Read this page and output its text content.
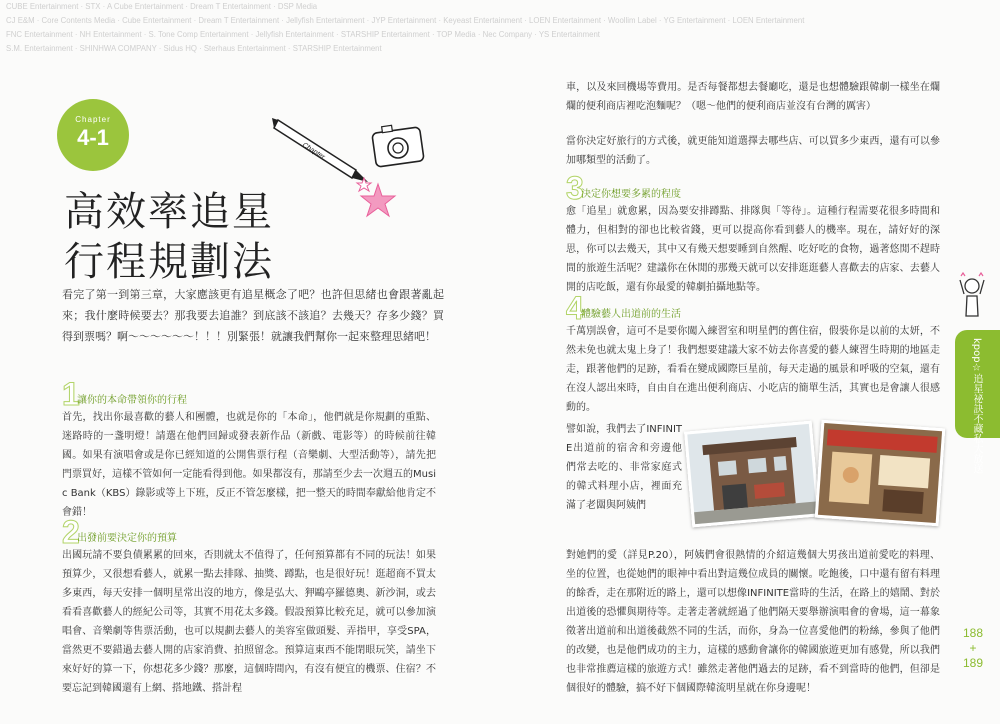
CUBE Entertainment · STX · A Cube Entertainment · Dream T Entertainment · DSP Media
CJ E&M · Core Contents Media · Cube Entertainment · Dream T Entertainment · Jellyfish Entertainment · JYP Entertainment · Keyeast Entertainment · LOEN Entertainment · Woollim Label · YG Entertainment · LOEN Entertainment
FNC Entertainment · NH Entertainment · S. Tone Comp Entertainment · Jellyfish Entertainment · STARSHIP Entertainment · TOP Media · Nec Company · YS Entertainment
S.M. Entertainment · SHINHWA COMPANY · Sidus HQ · Sterhaus Entertainment · STARSHIP Entertainment
Chapter
4-1
Chapter
高效率追星
行程規劃法
看完了第一到第三章，大家應該更有追星概念了吧？也許但思緒也會跟著亂起來；我什麼時候要去？那我要去追誰？到底該不該追？去幾天？存多少錢？買得到票嗎？啊～～～～～～！！！別緊張！就讓我們幫你一起來整理思緒吧！
1
讓你的本命帶領你的行程
首先，找出你最喜歡的藝人和團體，也就是你的「本命」，他們就是你規劃的重點、迷路時的一盞明燈！請選在他們回歸或發表新作品（新戲、電影等）的時候前往韓國。如果有演唱會或是你已經知道的公開售票行程（音樂劇、大型活動等），請先把門票買好，這樣不管如何一定能看得到他。如果都沒有，那請至少去一次週五的Music Bank（KBS）錄影或等上下班，反正不管怎麼樣，把一整天的時間奉獻給他肯定不會錯！
2
出發前要決定你的預算
出國玩請不要負債累累的回來，否則就太不值得了，任何預算都有不同的玩法！如果預算少，又很想看藝人，就累一點去排隊、抽獎、蹲點，也是很好玩！逛超商不買太多東西，每天安排一個明星常出沒的地方，像是弘大、狎鷗亭羅德奧、新沙洞，或去看看喜歡藝人的經紀公司等，其實不用花太多錢。假設預算比較充足，就可以參加演唱會、音樂劇等售票活動，也可以規劃去藝人的美容室做頭髮、弄指甲，享受SPA，當然更不要錯過去藝人開的店家消費、拍照留念。預算這東西不能閉眼玩笑，請坐下來好好的算一下，你想花多少錢？那麼，這個時間內，有沒有便宜的機票、住宿？不要忘記到韓國還有上網、搭地鐵、搭計程
車，以及來回機場等費用。是否每餐都想去餐廳吃，還是也想體驗跟韓劇一樣坐在爛爛的便利商店裡吃泡麵呢？（嗯～他們的便利商店並沒有台灣的厲害）
當你決定好旅行的方式後，就更能知道選擇去哪些店、可以買多少東西，還有可以參加哪類型的活動了。
3
決定你想要多累的程度
愈「追星」就愈累，因為要安排蹲點、排隊與「等待」。這種行程需要花很多時間和體力，但相對的卻也比較省錢，更可以提高你看到藝人的機率。現在，請好好的深思，你可以去幾天，其中又有幾天想要睡到自然醒、吃好吃的食物，過著悠閒不趕時間的旅遊生活呢？建議你在休閒的那幾天就可以安排逛逛藝人喜歡去的店家、去藝人開的店吃飯，還有你最愛的韓劇拍攝地點等。
4
體驗藝人出道前的生活
千萬別誤會，這可不是要你闖入練習室和明星們的舊住宿，假裝你是以前的太妍，不然未免也就太鬼上身了！我們想要建議大家不妨去你喜愛的藝人練習生時期的地區走走，跟著他們的足跡，看看在變成國際巨星前，每天走過的風景和呼吸的空氣，還有在沒人認出來時，自由自在進出便利商店、小吃店的簡單生活，其實也是會讓人很感動的。
譬如說，我們去了INFINITE出道前的宿舍和旁邊他們常去吃的、非常家庭式的韓式料理小店，裡面充滿了老闆與阿姨們
對她們的愛（詳見P.20），阿姨們會很熱情的介紹這幾個大男孩出道前愛吃的料理、坐的位置，也從她們的眼神中看出對這幾位成員的關懷。吃飽後，口中還有留有料理的餘香，走在那附近的路上，還可以想像INFINITE當時的生活，在路上的嬉鬧、對於出道後的恐懼與期待等。走著走著就經過了他們隔天要舉辦演唱會的會場，這一幕象徵著出道前和出道後截然不同的生活，而你，身為一位喜愛他們的粉絲，參與了他們的改變，也是他們成功的主力，這樣的感動會讓你的韓國旅遊更加有感覺，所以我們也非常推薦這樣的旅遊方式！雖然走著他們過去的足跡，看不到當時的他們，但卻是個很好的體驗，搞不好下個國際韓流明星就在你身邊呢！
kpop☆追星祕訣不藏私大放送
188
+
189
